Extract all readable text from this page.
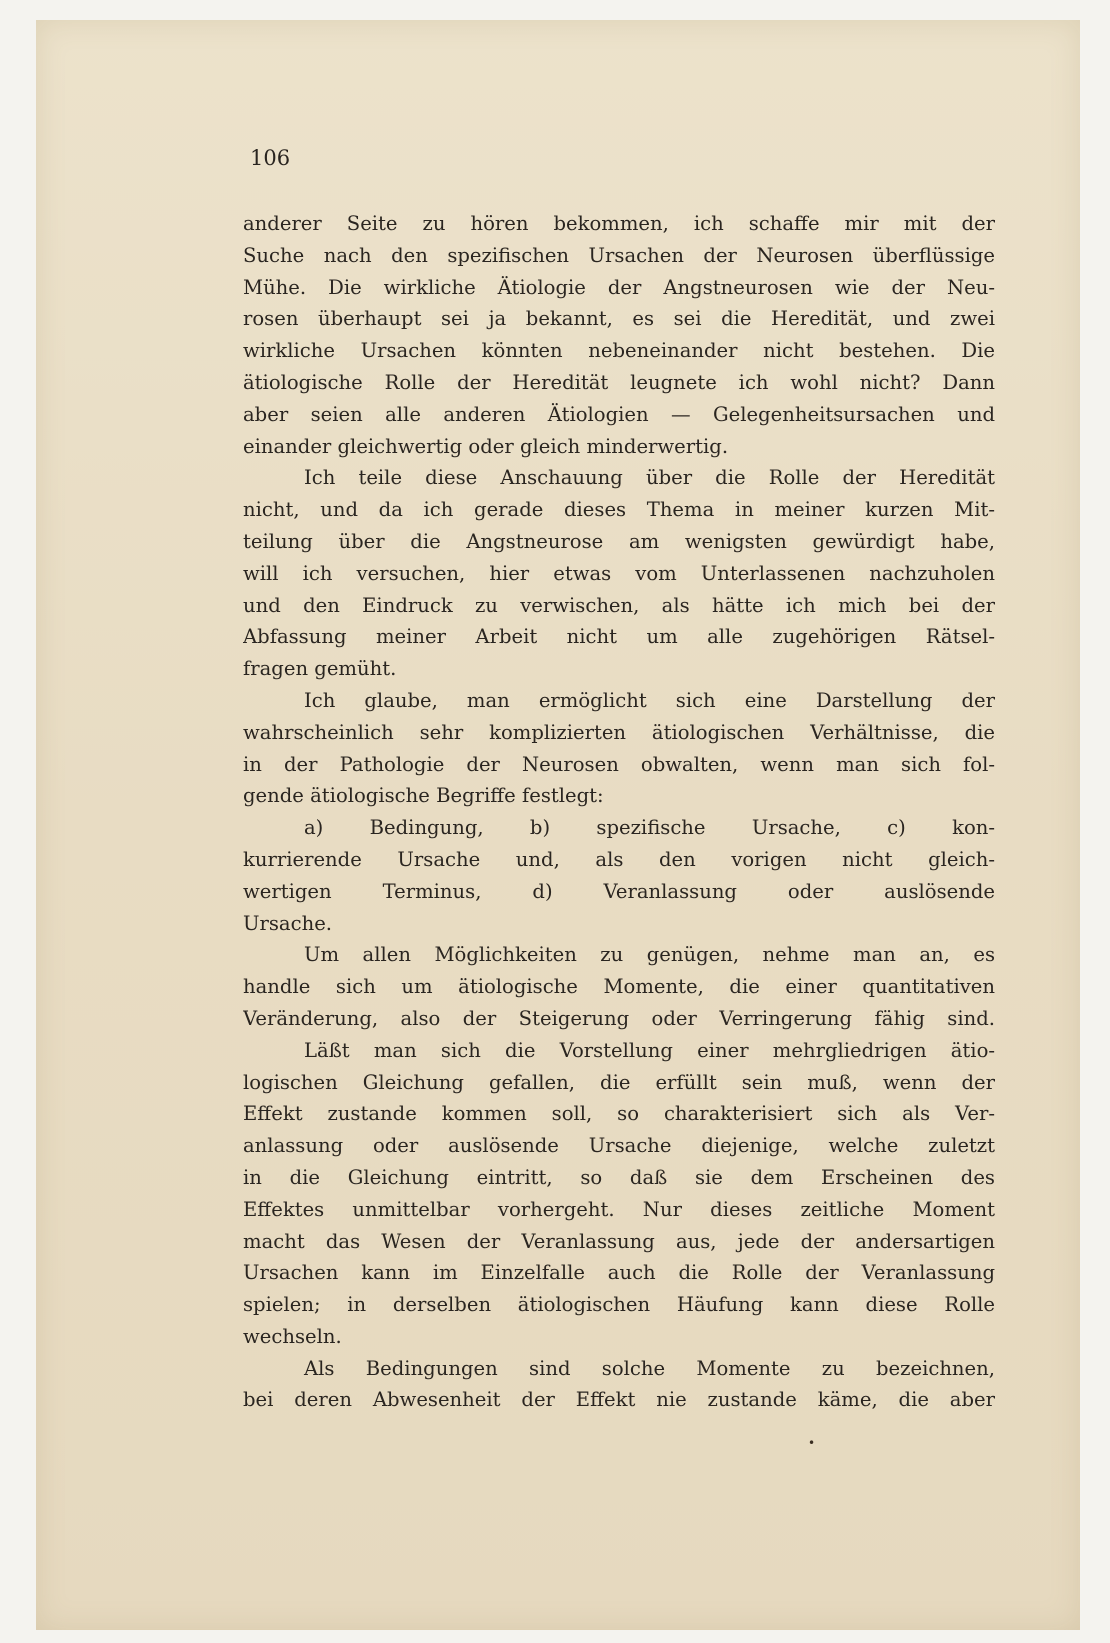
106

anderer Seite zu hören bekommen, ich schaffe mir mit der
Suche nach den spezifischen Ursachen der Neurosen überflüssige
Mühe. Die wirkliche Ätiologie der Angstneurosen wie der Neu-
rosen überhaupt sei ja bekannt, es sei die Heredität, und zwei
wirkliche Ursachen könnten nebeneinander nicht bestehen. Die
ätiologische Rolle der Heredität leugnete ich wohl nicht? Dann
aber seien alle anderen Ätiologien — Gelegenheitsursachen und
einander gleichwertig oder gleich minderwertig.
Ich teile diese Anschauung über die Rolle der Heredität
nicht, und da ich gerade dieses Thema in meiner kurzen Mit-
teilung über die Angstneurose am wenigsten gewürdigt habe,
will ich versuchen, hier etwas vom Unterlassenen nachzuholen
und den Eindruck zu verwischen, als hätte ich mich bei der
Abfassung meiner Arbeit nicht um alle zugehörigen Rätsel-
fragen gemüht.
Ich glaube, man ermöglicht sich eine Darstellung der
wahrscheinlich sehr komplizierten ätiologischen Verhältnisse, die
in der Pathologie der Neurosen obwalten, wenn man sich fol-
gende ätiologische Begriffe festlegt:
a) Bedingung, b) spezifische Ursache, c) kon-
kurrierende Ursache und, als den vorigen nicht gleich-
wertigen Terminus, d) Veranlassung oder auslösende
Ursache.
Um allen Möglichkeiten zu genügen, nehme man an, es
handle sich um ätiologische Momente, die einer quantitativen
Veränderung, also der Steigerung oder Verringerung fähig sind.
Läßt man sich die Vorstellung einer mehrgliedrigen ätio-
logischen Gleichung gefallen, die erfüllt sein muß, wenn der
Effekt zustande kommen soll, so charakterisiert sich als Ver-
anlassung oder auslösende Ursache diejenige, welche zuletzt
in die Gleichung eintritt, so daß sie dem Erscheinen des
Effektes unmittelbar vorhergeht. Nur dieses zeitliche Moment
macht das Wesen der Veranlassung aus, jede der andersartigen
Ursachen kann im Einzelfalle auch die Rolle der Veranlassung
spielen; in derselben ätiologischen Häufung kann diese Rolle
wechseln.
Als Bedingungen sind solche Momente zu bezeichnen,
bei deren Abwesenheit der Effekt nie zustande käme, die aber
•
